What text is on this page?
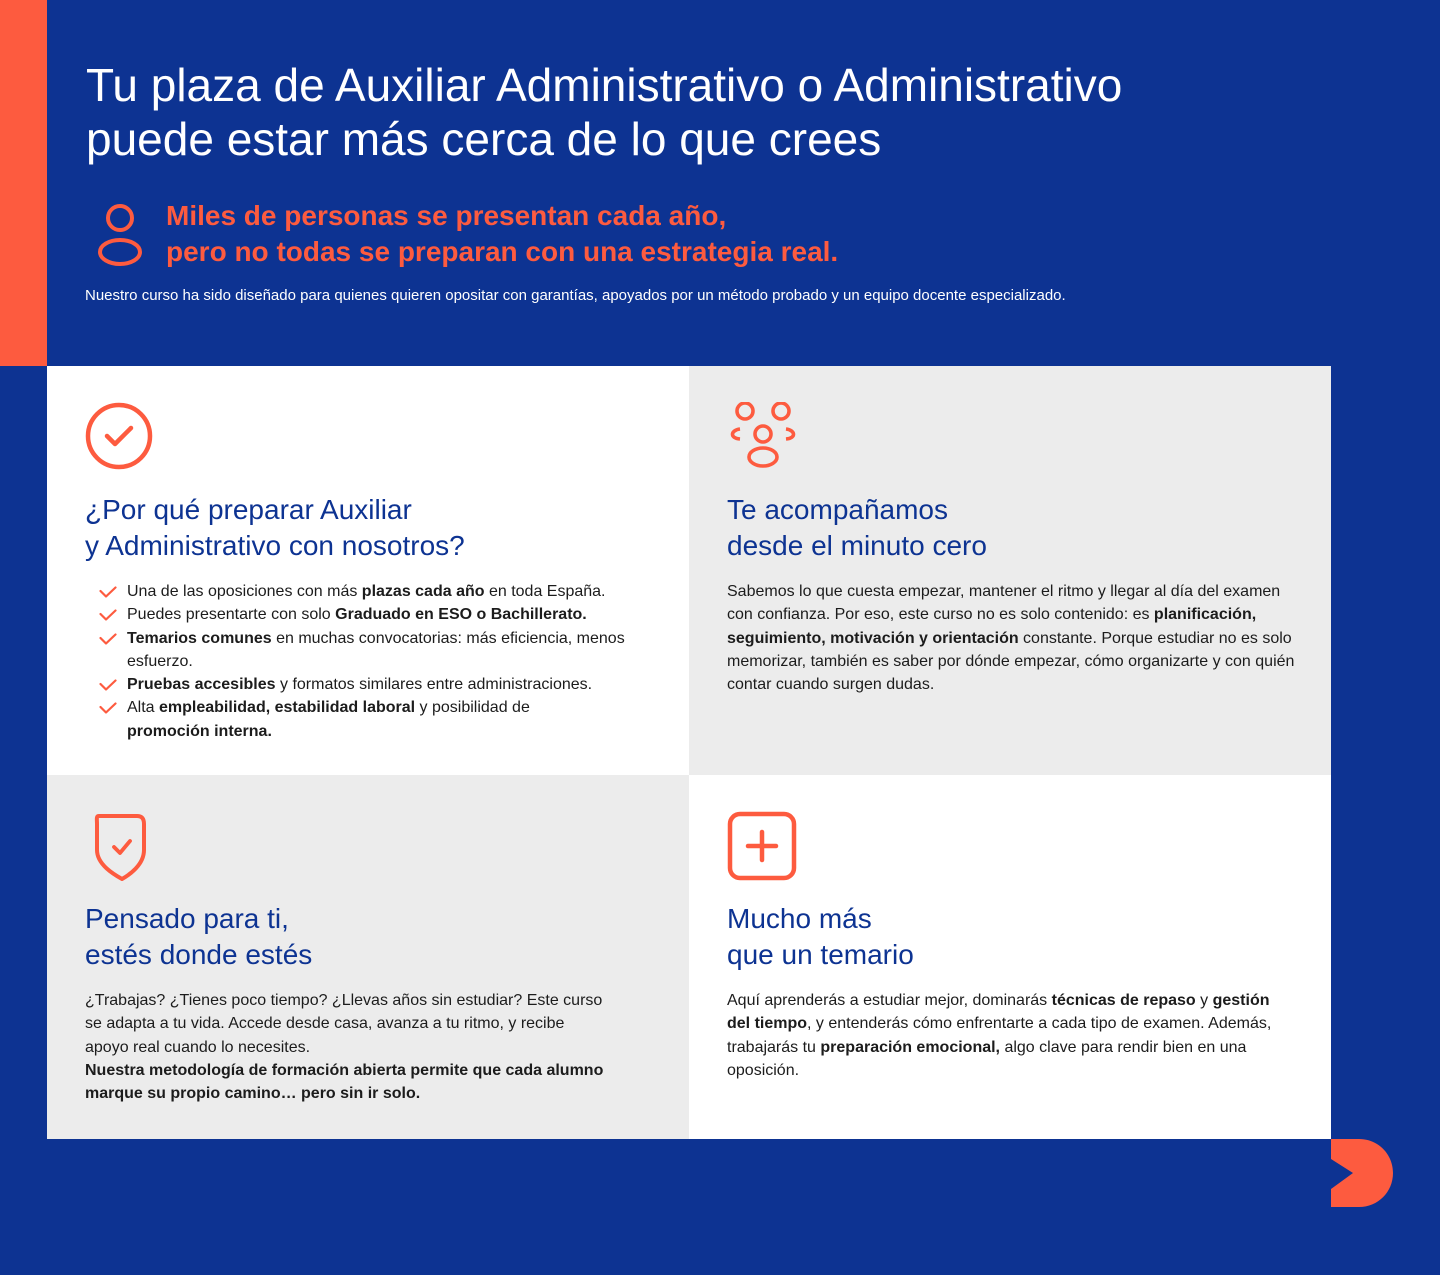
Tu plaza de Auxiliar Administrativo o Administrativo
puede estar más cerca de lo que crees
Miles de personas se presentan cada año,
pero no todas se preparan con una estrategia real.

Nuestro curso ha sido diseñado para quienes quieren opositar con garantías, apoyados por un método probado y un equipo docente especializado.

¿Por qué preparar Auxiliar
y Administrativo con nosotros?
Una de las oposiciones con más plazas cada año en toda España.
Puedes presentarte con solo Graduado en ESO o Bachillerato.
Temarios comunes en muchas convocatorias: más eficiencia, menos esfuerzo.
Pruebas accesibles y formatos similares entre administraciones.
Alta empleabilidad, estabilidad laboral y posibilidad de
promoción interna.
Te acompañamos
desde el minuto cero

Sabemos lo que cuesta empezar, mantener el ritmo y llegar al día del examen con confianza. Por eso, este curso no es solo contenido: es planificación, seguimiento, motivación y orientación constante. Porque estudiar no es solo memorizar, también es saber por dónde empezar, cómo organizarte y con quién contar cuando surgen dudas.

Pensado para ti,
estés donde estés

¿Trabajas? ¿Tienes poco tiempo? ¿Llevas años sin estudiar? Este curso se adapta a tu vida. Accede desde casa, avanza a tu ritmo, y recibe apoyo real cuando lo necesites.
Nuestra metodología de formación abierta permite que cada alumno marque su propio camino… pero sin ir solo.

Mucho más
que un temario

Aquí aprenderás a estudiar mejor, dominarás técnicas de repaso y gestión del tiempo, y entenderás cómo enfrentarte a cada tipo de examen. Además, trabajarás tu preparación emocional, algo clave para rendir bien en una oposición.
